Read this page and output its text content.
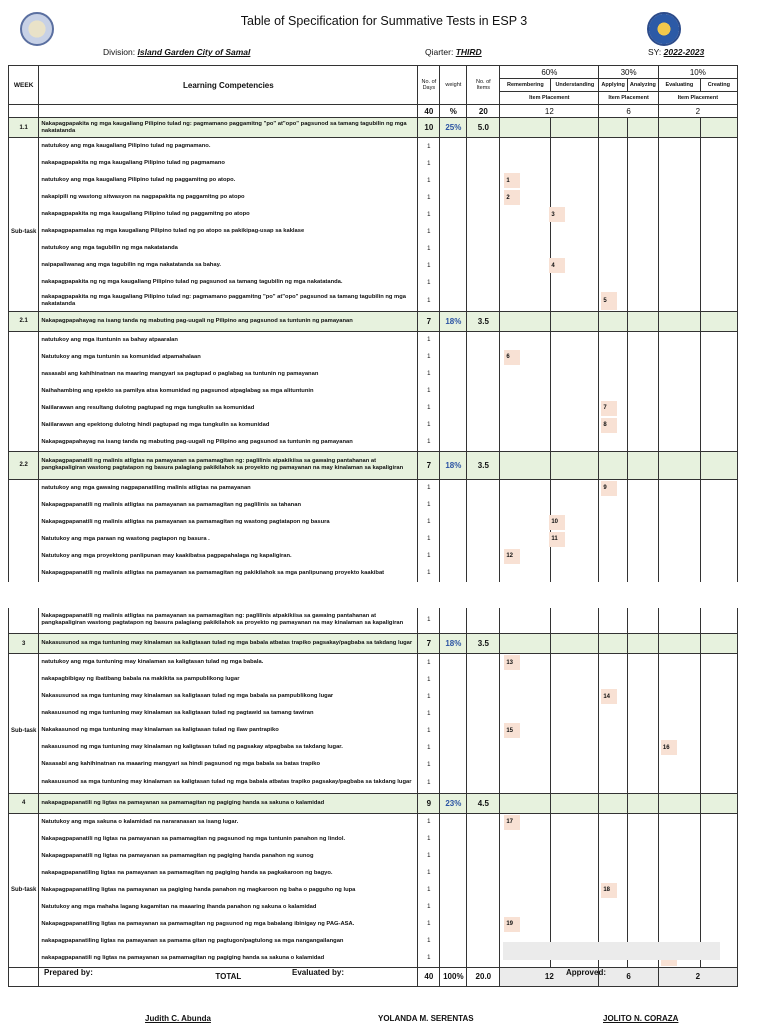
Table of Specification for Summative Tests in ESP 3
Division: Island Garden City of Samal	Qiarter: THIRD	SY: 2022-2023
WEEK	Learning Competencies	No. of Days	weight	No. of Items	60%		30%		10%	
					Remembering	Understanding	Applying	Analyzing	Evaluating	Creating
					Item Placement		Item Placement		Item Placement	
		40	%	20	12		6		2	
1.1	Nakapagpapakita ng mga kaugaliang Pilipino tulad ng: pagmamano paggamitng "po" at"opo" pagsunod sa tamang tagubilin ng mga nakatatanda	10	25%	5.0						
	natutukoy ang mga kaugaliang Pilipino tulad ng pagmamano.	1								
	nakapagpapakita ng mga kaugaliang Pilipino tulad ng pagmamano	1								
	natutukoy ang mga kaugaliang Pilipino tulad ng paggamitng po atopo.	1			1					

	nakapipili ng wastong sitwasyon na nagpapakita ng paggamitng po atopo	1			2					

	nakapagpapakita ng mga kaugaliang Pilipino tulad ng paggamitng po atopo	1			3					

Sub-task	nakapagpapamalas ng mga kaugaliang Pilipino tulad ng po atopo sa pakikipag-usap sa kaklase	1								
	natutukoy ang mga tagubilin ng mga nakatatanda	1								
	naipapaliwanag ang mga tagubilin ng mga nakatatanda sa bahay.	1			4					

	nakapagpapakita ng ng mga kaugaliang Pilipino tulad ng pagsunod sa tamang tagubilin ng mga nakatatanda.	1								
	nakapagpapakita ng mga kaugaliang Pilipino tulad ng: pagmamano paggamitng "po" at"opo" pagsunod sa tamang tagubilin ng mga nakatatanda	1					5			

2.1	Nakapagpapahayag na isang tanda ng mabuting pag-uugali ng Pilipino ang pagsunod sa tuntunin ng pamayanan	7	18%	3.5						
	natutukoy ang mga ituntunin sa bahay atpaaralan	1								
	Natutukoy ang mga tuntunin sa komunidad atpamahalaan	1			6					

	nasasabi ang kahihinatnan na maaring mangyari sa pagtupad o paglabag sa tuntunin ng pamayanan	1								
	Naihahambing ang epekto sa pamilya atsa komunidad ng pagsunod atpaglabag sa mga alituntunin	1								
	Naiilarawan ang resultang dulotng pagtupad ng mga tungkulin sa komunidad	1					7			

	Naiilarawan ang epektong dulotng hindi pagtupad ng mga tungkulin sa komunidad	1					8			

	Nakapagpapahayag na isang tanda ng mabuting pag-uugali ng Pilipino ang pagsunod sa tuntunin ng pamayanan	1								
2.2	Nakapagpapanatili ng malinis atligtas na pamayanan sa pamamagitan ng: paglilinis atpakikiisa sa gawaing pantahanan at pangkapaligiran wastong pagtatapon ng basura palagiang pakikilahok sa proyekto ng pamayanan na may kinalaman sa kapaligiran	7	18%	3.5						
	natutukoy ang mga gawaing nagpapanatiling malinis atligtas na pamayanan	1					9			

	Nakapagpapanatili ng malinis atligtas na pamayanan sa pamamagitan ng paglilinis sa tahanan	1								
	Nakapagpapanatili ng malinis atligtas na pamayanan sa pamamagitan ng wastong pagtatapon ng basura	1			10					

	Natutukoy ang mga paraan ng wastong pagtapon ng basura .	1			11					

	Natutukoy ang mga proyektong panlipunan may kaakibatsa pagpapahalaga ng kapaligiran.	1			12					

	Nakapagpapanatili ng malinis atligtas na pamayanan sa pamamagitan ng pakikilahok sa mga panlipunang proyekto kaakibat	1								

	Nakapagpapanatili ng malinis atligtas na pamayanan sa pamamagitan ng: paglilinis atpakikiisa sa gawaing pantahanan at pangkapaligiran wastong pagtatapon ng basura palagiang pakikilahok sa proyekto ng pamayanan na may kinalaman sa kapaligiran	1								
3	Nakasusunod sa mga tuntuning may kinalaman sa kaligtasan tulad ng mga babala atbatas trapiko pagsakay/pagbaba sa takdang lugar	7	18%	3.5						
	natutukoy ang mga tuntuning may kinalaman sa kaligtasan tulad ng mga babala.	1			13					

	nakapagbibigay ng ibatibang babala na makikita sa pampublikong lugar	1								
	Nakasusunod sa mga tuntuning may kinalaman sa kaligtasan tulad ng mga babala sa pampublikong lugar	1					14			

	nakasusunod ng mga tuntuning may kinalaman sa kaligtasan tulad ng pagtawid sa tamang tawiran	1								
Sub-task	Nakakasunod ng mga tuntuning may kinalaman sa kaligtasan tulad ng ilaw pantrapiko	1			15					

	nakasusunod ng mga tuntuning may kinalaman ng kaligtasan tulad ng pagsakay atpagbaba sa takdang lugar.	1							16	

	Nasasabi ang kahihinatnan na maaaring mangyari sa hindi pagsunod ng mga babala sa batas trapiko	1								
	nakasusunod sa mga tuntuning may kinalaman sa kaligtasan tulad ng mga babala atbatas trapiko pagsakay/pagbaba sa takdang lugar	1								
4	nakapagpapanatili ng ligtas na pamayanan sa pamamagitan ng pagiging handa sa sakuna o kalamidad	9	23%	4.5						
	Natutukoy ang mga sakuna o kalamidad na nararanasan sa isang lugar.	1			17					

	Nakapagpapanatili ng ligtas na pamayanan sa pamamagitan ng pagsunod ng mga tuntunin panahon ng lindol.	1								
	Nakapagpapanatili ng ligtas na pamayanan sa pamamagitan ng pagiging handa panahon ng sunog	1								
	nakapagpapanatiling ligtas na pamayanan sa pamamagitan ng pagiging handa sa pagkakaroon ng bagyo.	1								
Sub-task	Nakapagpapanatiling ligtas na pamayanan sa pagiging handa panahon ng magkaroon ng baha o pagguho ng lupa	1					18			

	Natutukoy ang mga mahaha lagang kagamitan na maaaring ihanda panahon ng sakuna o kalamidad	1								
	Nakapagpapanatiling ligtas na pamayanan sa pamamagitan ng pagsunod ng mga babalang ibinigay ng PAG-ASA.	1			19					

	nakapagpapanatiling ligtas na pamayanan sa pamama gitan ng pagtugon/pagtulong sa mga nangangailangan	1								
	nakapagpapanatili ng ligtas na pamayanan sa pamamagitan ng pagiging handa sa sakuna o kalamidad	1							

	TOTAL	40	100%	20.0	12		6		2	
Prepared by:	Evaluated by:	Approved:
Judith C. Abunda	YOLANDA M. SERENTAS	JOLITO N. CORAZA
